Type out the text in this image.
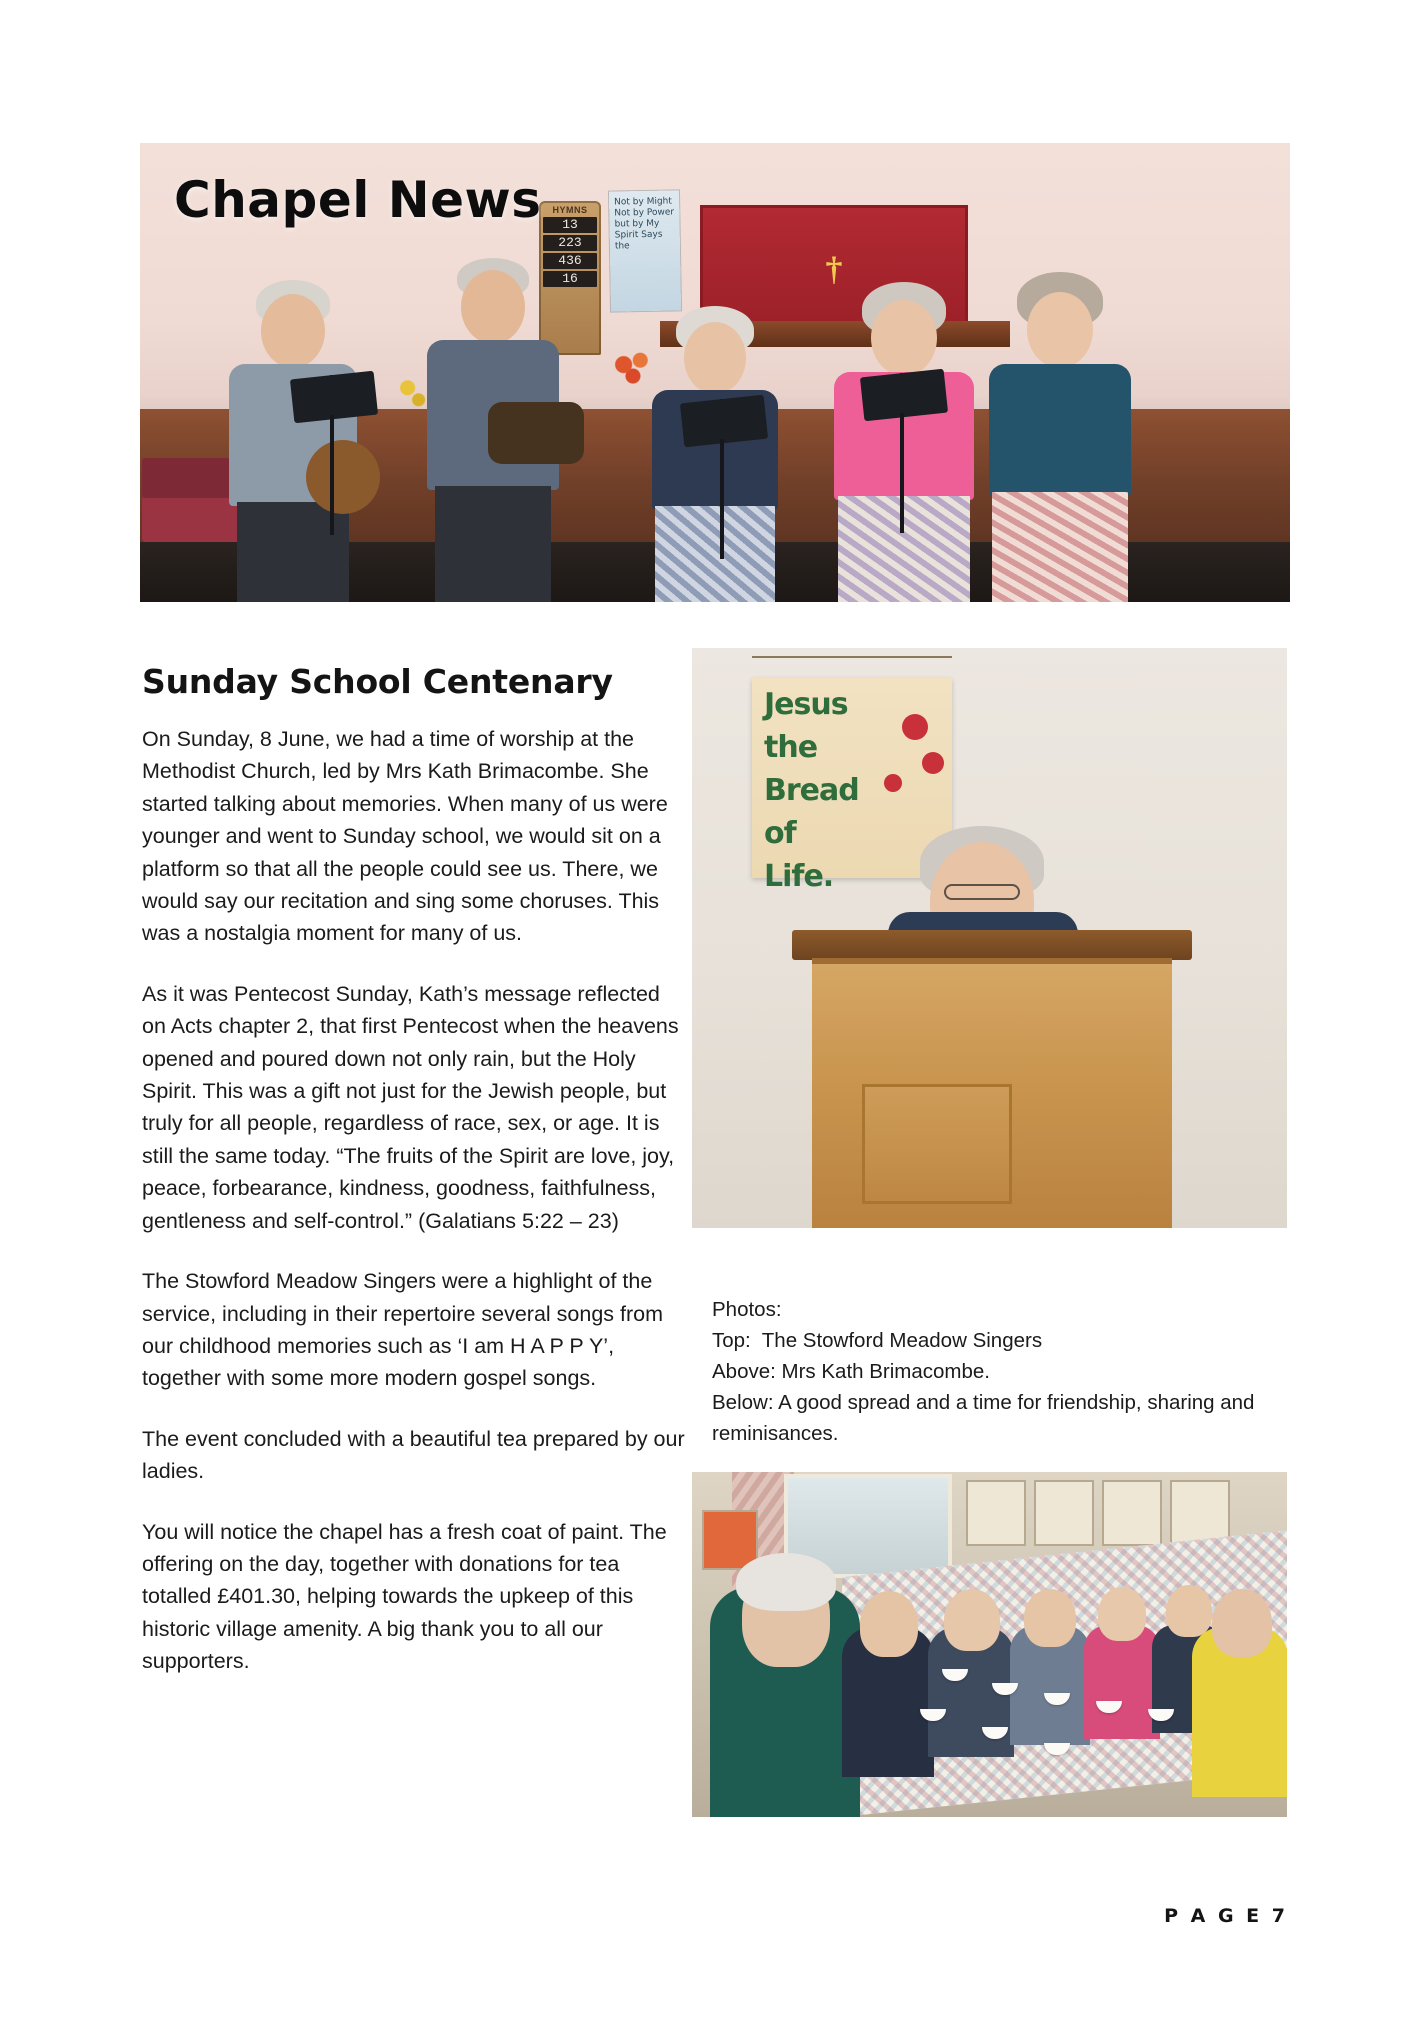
†
HYMNS
13
223
436
16
Not by Might Not by Power but by My Spirit Says the
Chapel News
Sunday School Centenary

On Sunday, 8 June, we had a time of worship at the Methodist Church, led by Mrs Kath Brimacombe. She started talking about memories. When many of us were younger and went to Sunday school, we would sit on a platform so that all the people could see us. There, we would say our recitation and sing some choruses. This was a nostalgia moment for many of us.

As it was Pentecost Sunday, Kath’s message reflected on Acts chapter 2, that first Pentecost when the heavens opened and poured down not only rain, but the Holy Spirit. This was a gift not just for the Jewish people, but truly for all people, regardless of race, sex, or age. It is still the same today. “The fruits of the Spirit are love, joy, peace, forbearance, kindness, goodness, faithfulness, gentleness and self-control.” (Galatians 5:22 – 23)

The Stowford Meadow Singers were a highlight of the service, including in their repertoire several songs from our childhood memories such as ‘I am H A P P Y’, together with some more modern gospel songs.

The event concluded with a beautiful tea prepared by our ladies.

You will notice the chapel has a fresh coat of paint. The offering on the day, together with donations for tea totalled £401.30, helping towards the upkeep of this historic village amenity. A big thank you to all our supporters.

Jesus
the
Bread
of
Life.
Photos:
Top:  The Stowford Meadow Singers
Above: Mrs Kath Brimacombe.
Below: A good spread and a time for friendship, sharing and reminisances.
P A G E 7
